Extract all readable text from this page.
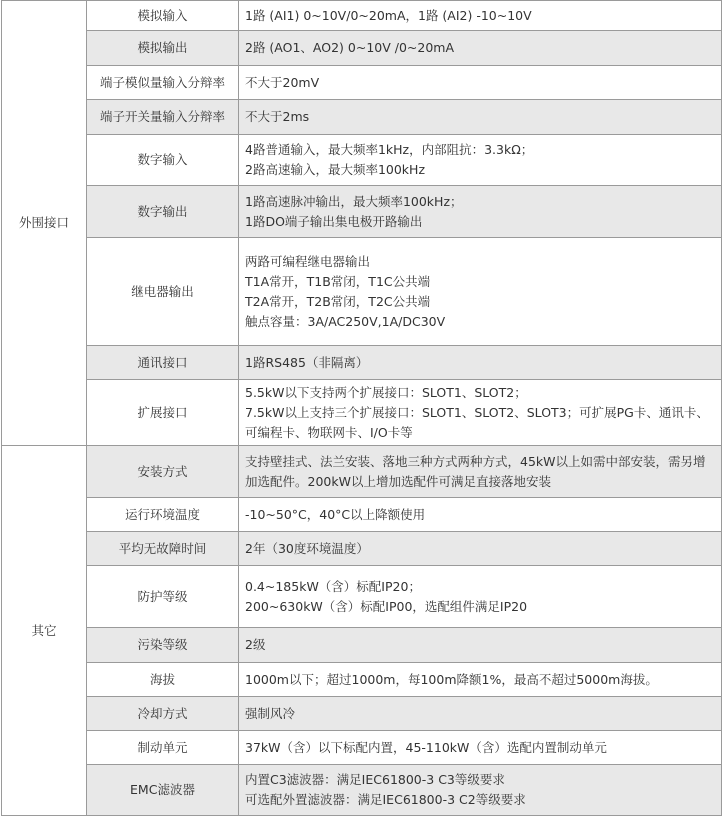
外围接口	模拟输入	1路 (AI1) 0~10V/0~20mA，1路 (AI2) -10~10V

	模拟输出	2路 (AO1、AO2) 0~10V /0~20mA

	端子模似量输入分辩率	不大于20mV

	端子开关量输入分辩率	不大于2ms

	数字输入	4路普通输入，最大频率1kHz，内部阻抗：3.3kΩ；
2路高速输入，最大频率100kHz

	数字输出	1路高速脉冲输出，最大频率100kHz；
1路DO端子输出集电极开路输出

	继电器输出	两路可编程继电器输出
T1A常开，T1B常闭，T1C公共端
T2A常开，T2B常闭，T2C公共端
触点容量：3A/AC250V,1A/DC30V

	通讯接口	1路RS485（非隔离）

	扩展接口	5.5kW以下支持两个扩展接口：SLOT1、SLOT2；
7.5kW以上支持三个扩展接口：SLOT1、SLOT2、SLOT3；可扩展PG卡、通讯卡、可编程卡、物联网卡、I/O卡等

其它	安装方式	支持壁挂式、法兰安装、落地三种方式两种方式，45kW以上如需中部安装，需另增加选配件。200kW以上增加选配件可满足直接落地安装

	运行环境温度	-10~50°C，40°C以上降额使用

	平均无故障时间	2年（30度环境温度）

	防护等级	0.4~185kW（含）标配IP20；
200~630kW（含）标配IP00，选配组件满足IP20

	污染等级	2级

	海拔	1000m以下；超过1000m，每100m降额1%，最高不超过5000m海拔。

	冷却方式	强制风冷

	制动单元	37kW（含）以下标配内置，45-110kW（含）选配内置制动单元

	EMC滤波器	内置C3滤波器：满足IEC61800-3 C3等级要求
可选配外置滤波器：满足IEC61800-3 C2等级要求
